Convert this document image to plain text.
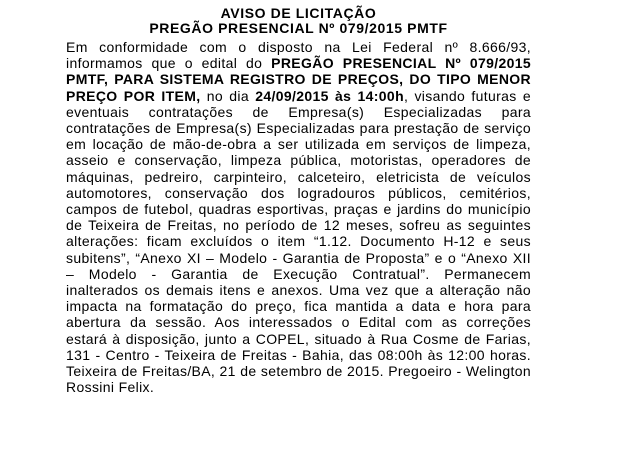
AVISO DE LICITAÇÃO

PREGÃO PRESENCIAL Nº 079/2015 PMTF

Em conformidade com o disposto na Lei Federal nº 8.666/93, informamos que o edital do PREGÃO PRESENCIAL Nº 079/2015 PMTF, PARA SISTEMA REGISTRO DE PREÇOS, DO TIPO MENOR PREÇO POR ITEM, no dia 24/09/2015 às 14:00h, visando futuras e eventuais contratações de Empresa(s) Especializadas para contratações de Empresa(s) Especializadas para prestação de serviço em locação de mão-de-obra a ser utilizada em serviços de limpeza, asseio e conservação, limpeza pública, motoristas, operadores de máquinas, pedreiro, carpinteiro, calceteiro, eletricista de veículos automotores, conservação dos logradouros públicos, cemitérios, campos de futebol, quadras esportivas, praças e jardins do município de Teixeira de Freitas, no período de 12 meses, sofreu as seguintes alterações: ficam excluídos o item “1.12. Documento H-12 e seus subitens”, “Anexo XI – Modelo - Garantia de Proposta” e o “Anexo XII – Modelo - Garantia de Execução Contratual”. Permanecem inalterados os demais itens e anexos. Uma vez que a alteração não impacta na formatação do preço, fica mantida a data e hora para abertura da sessão. Aos interessados o Edital com as correções estará à disposição, junto a COPEL, situado à Rua Cosme de Farias, 131 - Centro - Teixeira de Freitas - Bahia, das 08:00h às 12:00 horas. Teixeira de Freitas/BA, 21 de setembro de 2015. Pregoeiro - Welington Rossini Felix.
